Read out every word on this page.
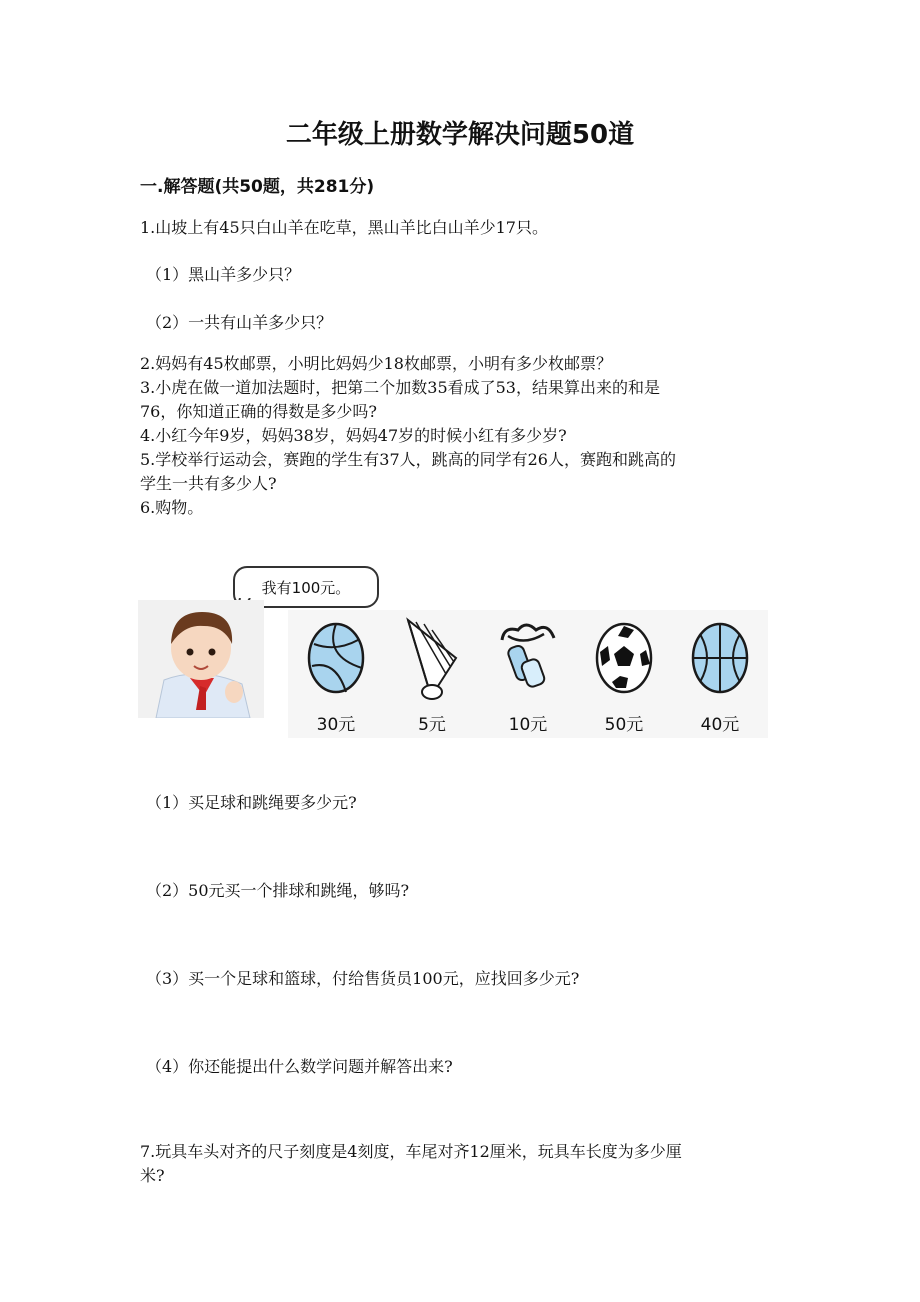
二年级上册数学解决问题50道
一.解答题(共50题，共281分)
1.山坡上有45只白山羊在吃草，黑山羊比白山羊少17只。
（1）黑山羊多少只？
（2）一共有山羊多少只？
2.妈妈有45枚邮票，小明比妈妈少18枚邮票，小明有多少枚邮票？
3.小虎在做一道加法题时，把第二个加数35看成了53，结果算出来的和是
76，你知道正确的得数是多少吗?
4.小红今年9岁，妈妈38岁，妈妈47岁的时候小红有多少岁?
5.学校举行运动会，赛跑的学生有37人，跳高的同学有26人，赛跑和跳高的
学生一共有多少人?
6.购物。
我有100元。
30元	5元	10元	50元	40元
（1）买足球和跳绳要多少元?
（2）50元买一个排球和跳绳，够吗?
（3）买一个足球和篮球，付给售货员100元，应找回多少元?
（4）你还能提出什么数学问题并解答出来?
7.玩具车头对齐的尺子刻度是4刻度，车尾对齐12厘米，玩具车长度为多少厘
米?
